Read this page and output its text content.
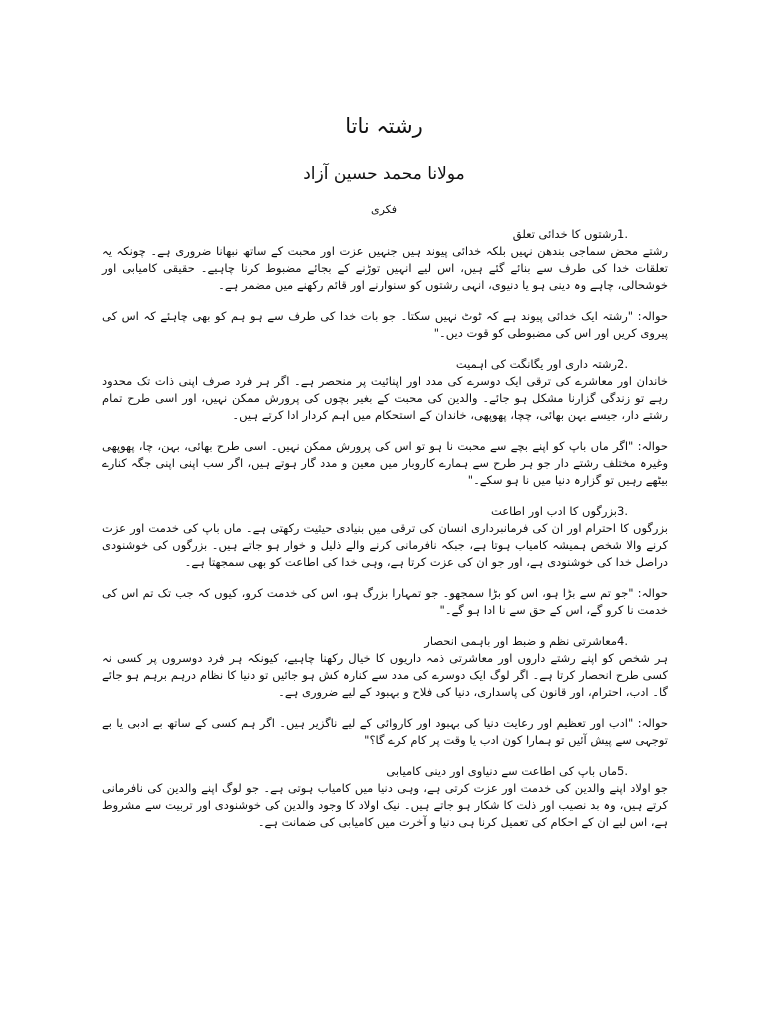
رشتہ ناتا
مولانا محمد حسین آزاد
فکری
رشتوں کا خدائی تعلق 1.

رشتے محض سماجی بندھن نہیں بلکہ خدائی پیوند ہیں جنہیں عزت اور محبت کے ساتھ نبھانا ضروری ہے۔ چونکہ یہ تعلقات خدا کی طرف سے بنائے گئے ہیں، اس لیے انہیں توڑنے کے بجائے مضبوط کرنا چاہیے۔ حقیقی کامیابی اور خوشحالی، چاہے وہ دینی ہو یا دنیوی، انہی رشتوں کو سنوارنے اور قائم رکھنے میں مضمر ہے۔

حوالہ: "رشتہ ایک خدائی پیوند ہے کہ ٹوٹ نہیں سکتا۔ جو بات خدا کی طرف سے ہو ہم کو بھی چاہئے کہ اس کی پیروی کریں اور اس کی مضبوطی کو قوت دیں۔"

رشتہ داری اور یگانگت کی اہمیت 2.

خاندان اور معاشرے کی ترقی ایک دوسرے کی مدد اور اپنائیت پر منحصر ہے۔ اگر ہر فرد صرف اپنی ذات تک محدود رہے تو زندگی گزارنا مشکل ہو جائے۔ والدین کی محبت کے بغیر بچوں کی پرورش ممکن نہیں، اور اسی طرح تمام رشتے دار، جیسے بہن بھائی، چچا، پھوپھی، خاندان کے استحکام میں اہم کردار ادا کرتے ہیں۔

حوالہ: "اگر ماں باپ کو اپنے بچے سے محبت نا ہو تو اس کی پرورش ممکن نہیں۔ اسی طرح بھائی، بہن، چا، پھوپھی وغیرہ مختلف رشتے دار جو ہر طرح سے ہمارے کاروبار میں معین و مدد گار ہوتے ہیں، اگر سب اپنی اپنی جگہ کنارے بیٹھے رہیں تو گزارہ دنیا میں نا ہو سکے۔"

بزرگوں کا ادب اور اطاعت 3.

بزرگوں کا احترام اور ان کی فرمانبرداری انسان کی ترقی میں بنیادی حیثیت رکھتی ہے۔ ماں باپ کی خدمت اور عزت کرنے والا شخص ہمیشہ کامیاب ہوتا ہے، جبکہ نافرمانی کرنے والے ذلیل و خوار ہو جاتے ہیں۔ بزرگوں کی خوشنودی دراصل خدا کی خوشنودی ہے، اور جو ان کی عزت کرتا ہے، وہی خدا کی اطاعت کو بھی سمجھتا ہے۔

حوالہ: "جو تم سے بڑا ہو، اس کو بڑا سمجھو۔ جو تمہارا بزرگ ہو، اس کی خدمت کرو، کیوں کہ جب تک تم اس کی خدمت نا کرو گے، اس کے حق سے نا ادا ہو گے۔"

معاشرتی نظم و ضبط اور باہمی انحصار 4.

ہر شخص کو اپنے رشتے داروں اور معاشرتی ذمہ داریوں کا خیال رکھنا چاہیے، کیونکہ ہر فرد دوسروں پر کسی نہ کسی طرح انحصار کرتا ہے۔ اگر لوگ ایک دوسرے کی مدد سے کنارہ کش ہو جائیں تو دنیا کا نظام درہم برہم ہو جائے گا۔ ادب، احترام، اور قانون کی پاسداری، دنیا کی فلاح و بہبود کے لیے ضروری ہے۔

حوالہ: "ادب اور تعظیم اور رعایت دنیا کی بہبود اور کاروائی کے لیے ناگزیر ہیں۔ اگر ہم کسی کے ساتھ بے ادبی یا بے توجہی سے پیش آئیں تو ہمارا کون ادب یا وقت پر کام کرے گا؟"

ماں باپ کی اطاعت سے دنیاوی اور دینی کامیابی 5.

جو اولاد اپنے والدین کی خدمت اور عزت کرتی ہے، وہی دنیا میں کامیاب ہوتی ہے۔ جو لوگ اپنے والدین کی نافرمانی کرتے ہیں، وہ بد نصیب اور ذلت کا شکار ہو جاتے ہیں۔ نیک اولاد کا وجود والدین کی خوشنودی اور تربیت سے مشروط ہے، اس لیے ان کے احکام کی تعمیل کرنا ہی دنیا و آخرت میں کامیابی کی ضمانت ہے۔
